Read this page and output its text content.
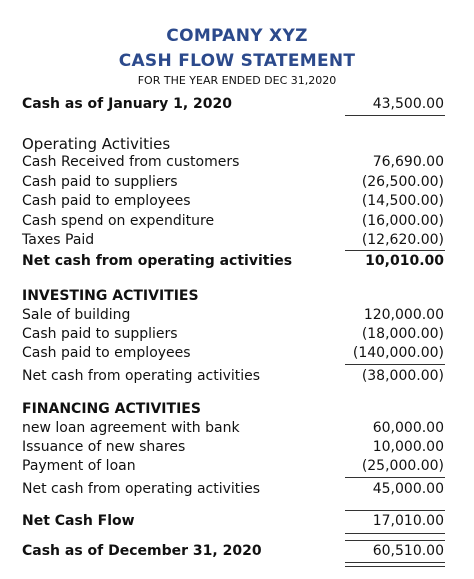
COMPANY XYZ
CASH FLOW STATEMENT
FOR THE YEAR ENDED DEC 31,2020
Cash as of January 1, 2020	43,500.00
Operating Activities
Cash Received from customers	76,690.00
Cash paid to suppliers	(26,500.00)
Cash paid to employees	(14,500.00)
Cash spend on expenditure	(16,000.00)
Taxes Paid	(12,620.00)
Net cash from operating activities	10,010.00
INVESTING ACTIVITIES
Sale of building	120,000.00
Cash paid to suppliers	(18,000.00)
Cash paid to employees	(140,000.00)
Net cash from operating activities	(38,000.00)
FINANCING ACTIVITIES
new loan agreement with bank	60,000.00
Issuance of new shares	10,000.00
Payment of loan	(25,000.00)
Net cash from operating activities	45,000.00
Net Cash Flow	17,010.00
Cash as of December 31, 2020	60,510.00
